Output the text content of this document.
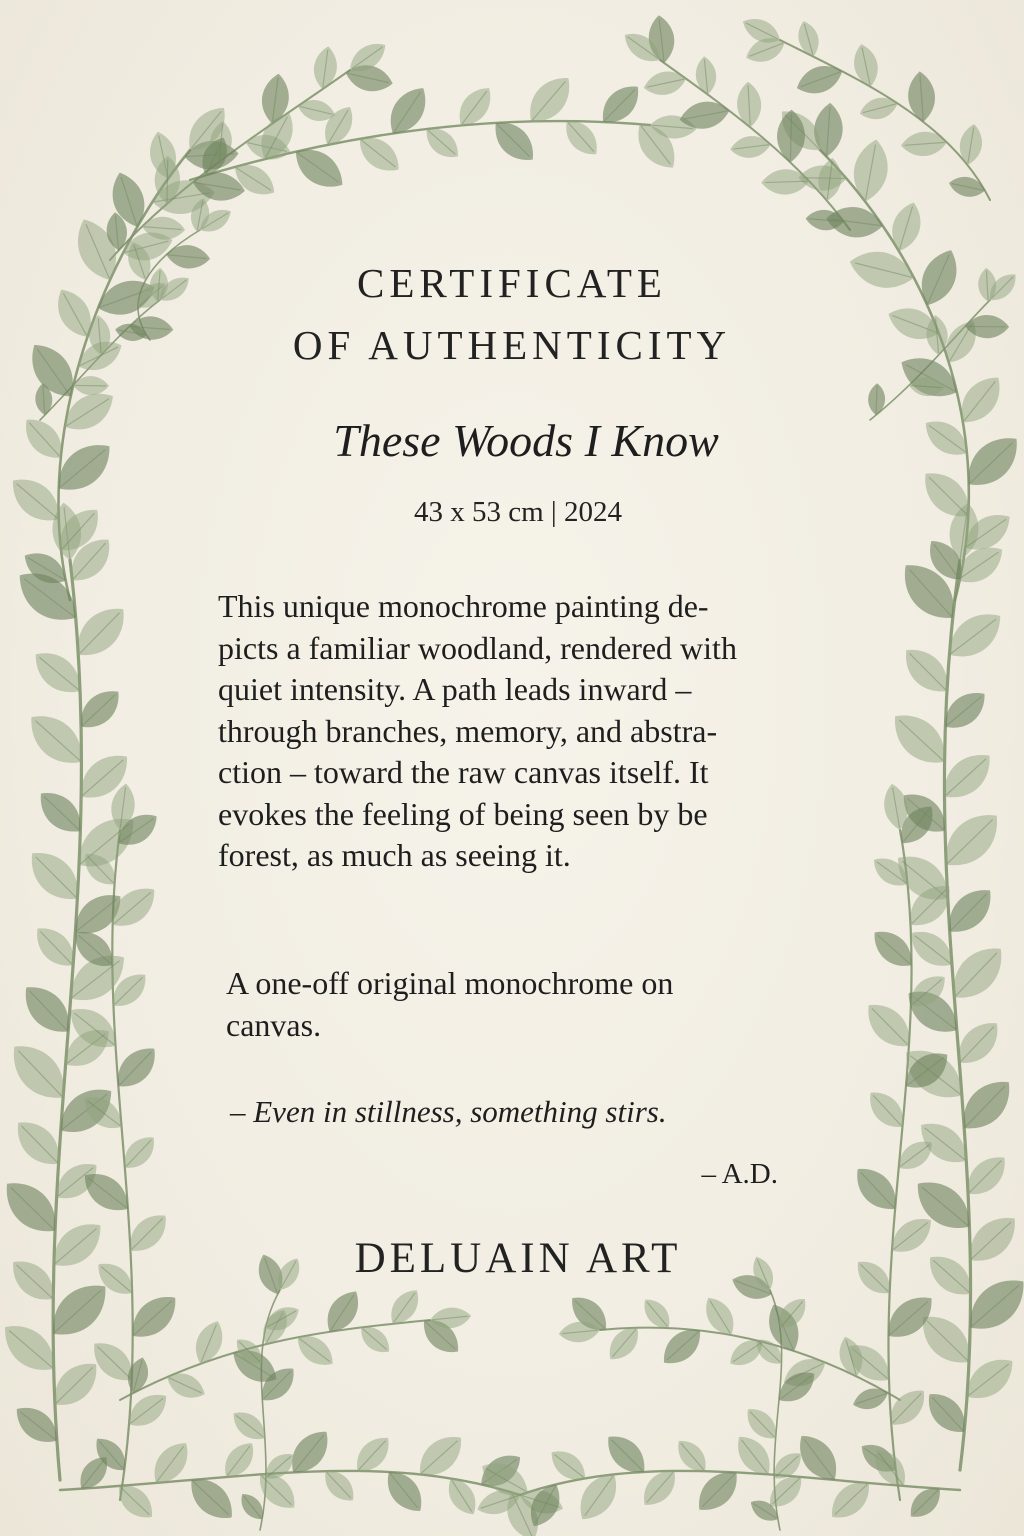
CERTIFICATE
OF AUTHENTICITY
These Woods I Know
43 x 53 cm | 2024
This unique monochrome painting de-
picts a familiar woodland, rendered with
quiet intensity. A path leads inward –
through branches, memory, and abstra-
ction – toward the raw canvas itself. It
evokes the feeling of being seen by be
forest, as much as seeing it.
A one-off original monochrome on
canvas.
– Even in stillness, something stirs.
– A.D.
DELUAIN ART
